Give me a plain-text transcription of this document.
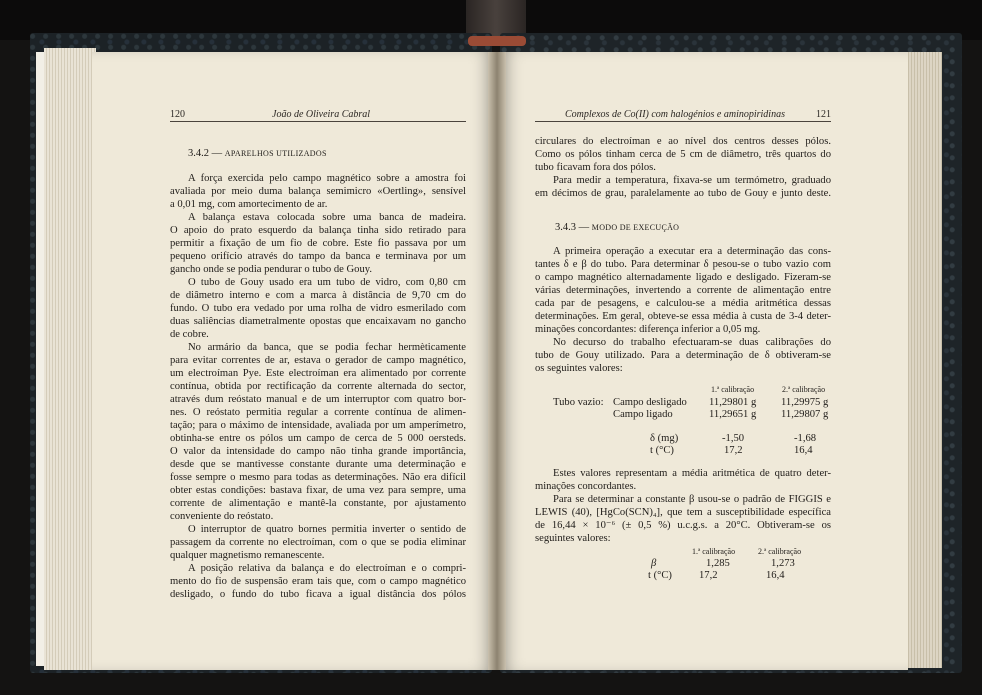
120	João de Oliveira Cabral
3.4.2 — APARELHOS UTILIZADOS
A força exercida pelo campo magnético sobre a amostra foi
avaliada por meio duma balança semimicro «Oertling», sensível
a 0,01 mg, com amortecimento de ar.
A balança estava colocada sobre uma banca de madeira.
O apoio do prato esquerdo da balança tinha sido retirado para
permitir a fixação de um fio de cobre. Este fio passava por um
pequeno orifício através do tampo da banca e terminava por um
gancho onde se podia pendurar o tubo de Gouy.
O tubo de Gouy usado era um tubo de vidro, com 0,80 cm
de diâmetro interno e com a marca à distância de 9,70 cm do
fundo. O tubo era vedado por uma rolha de vidro esmerilado com
duas saliências diametralmente opostas que encaixavam no gancho
de cobre.
No armário da banca, que se podia fechar hermèticamente
para evitar correntes de ar, estava o gerador de campo magnético,
um electroíman Pye. Este electroíman era alimentado por corrente
contínua, obtida por rectificação da corrente alternada do sector,
através dum reóstato manual e de um interruptor com quatro bor-
nes. O reóstato permitia regular a corrente contínua de alimen-
tação; para o máximo de intensidade, avaliada por um amperímetro,
obtinha-se entre os pólos um campo de cerca de 5 000 oersteds.
O valor da intensidade do campo não tinha grande importância,
desde que se mantivesse constante durante uma determinação e
fosse sempre o mesmo para todas as determinações. Não era difícil
obter estas condições: bastava fixar, de uma vez para sempre, uma
corrente de alimentação e mantê-la constante, por ajustamento
conveniente do reóstato.
O interruptor de quatro bornes permitia inverter o sentido de
passagem da corrente no electroíman, com o que se podia eliminar
qualquer magnetismo remanescente.
A posição relativa da balança e do electroíman e o compri-
mento do fio de suspensão eram tais que, com o campo magnético
desligado, o fundo do tubo ficava a igual distância dos pólos
Complexos de Co(II) com halogénios e aminopiridinas	121
circulares do electroíman e ao nível dos centros desses pólos.
Como os pólos tinham cerca de 5 cm de diâmetro, três quartos do
tubo ficavam fora dos pólos.
Para medir a temperatura, fixava-se um termómetro, graduado
em décimos de grau, paralelamente ao tubo de Gouy e junto deste.
3.4.3 — MODO DE EXECUÇÃO
A primeira operação a executar era a determinação das cons-
tantes δ e β do tubo. Para determinar δ pesou-se o tubo vazio com
o campo magnético alternadamente ligado e desligado. Fizeram-se
várias determinações, invertendo a corrente de alimentação entre
cada par de pesagens, e calculou-se a média aritmética dessas
determinações. Em geral, obteve-se essa média à custa de 3-4 deter-
minações concordantes: diferença inferior a 0,05 mg.
No decurso do trabalho efectuaram-se duas calibrações do
tubo de Gouy utilizado. Para a determinação de δ obtiveram-se
os seguintes valores:
1.ª calibração	2.ª calibração
Tubo vazio: Campo desligado 11,29801 g 11,29975 g
Campo ligado	11,29651 g 11,29807 g
δ (mg)	-1,50	-1,68
t (°C)	17,2	16,4
Estes valores representam a média aritmética de quatro deter-
minações concordantes.
Para se determinar a constante β usou-se o padrão de FIGGIS e
LEWIS (40), [HgCo(SCN)₄], que tem a susceptibilidade específica
de 16,44 × 10⁻⁶ (± 0,5 %) u.c.g.s. a 20°C. Obtiveram-se os
seguintes valores:
1.ª calibração	2.ª calibração
β	1,285	1,273
t (°C)	17,2	16,4
